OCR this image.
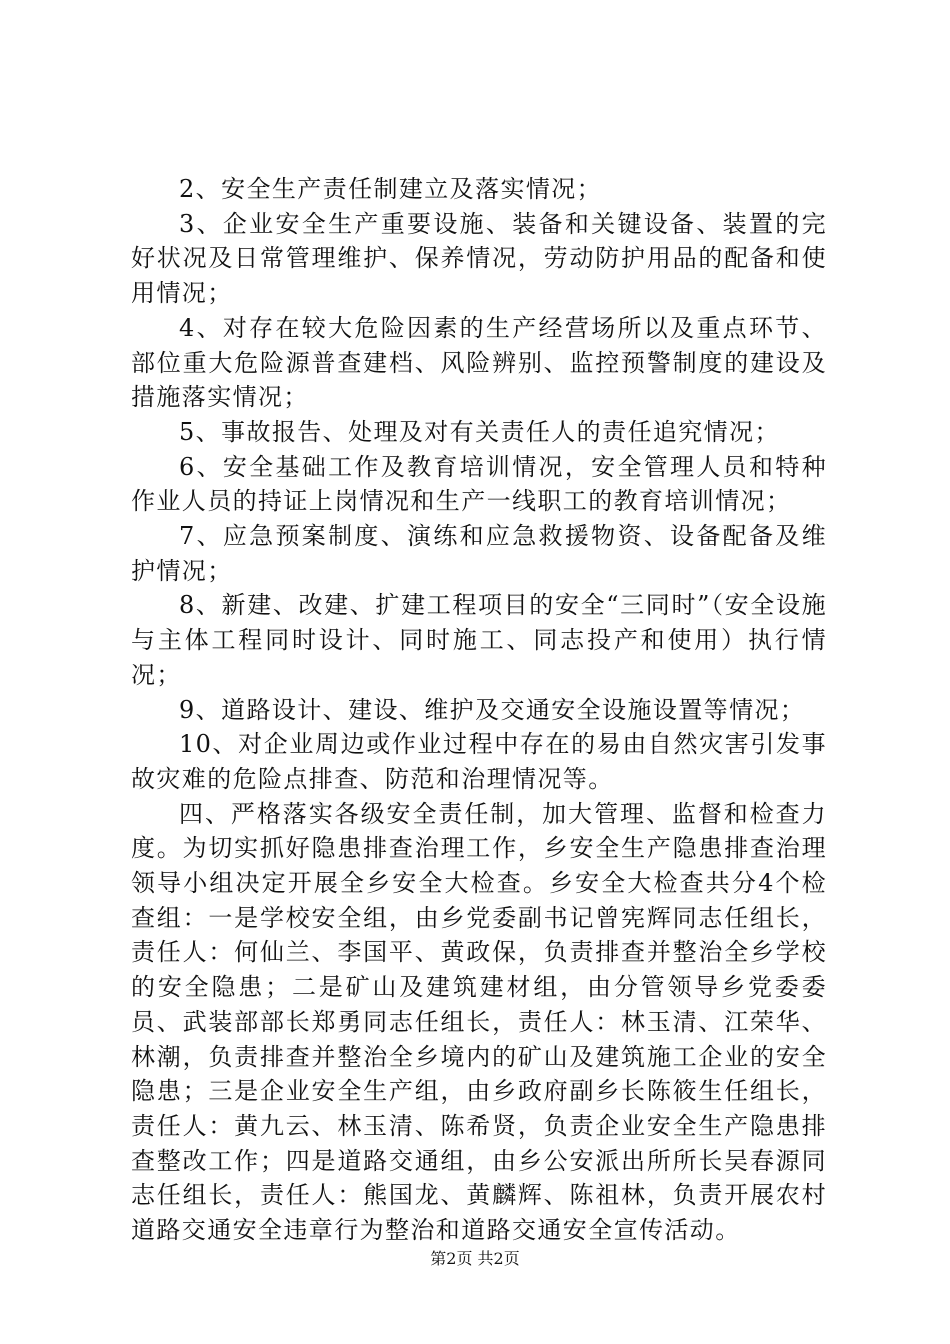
2、安全生产责任制建立及落实情况；

3、企业安全生产重要设施、装备和关键设备、装置的完好状况及日常管理维护、保养情况，劳动防护用品的配备和使用情况；

4、对存在较大危险因素的生产经营场所以及重点环节、部位重大危险源普查建档、风险辨别、监控预警制度的建设及措施落实情况；

5、事故报告、处理及对有关责任人的责任追究情况；

6、安全基础工作及教育培训情况，安全管理人员和特种作业人员的持证上岗情况和生产一线职工的教育培训情况；

7、应急预案制度、演练和应急救援物资、设备配备及维护情况；

8、新建、改建、扩建工程项目的安全“三同时”（安全设施与主体工程同时设计、同时施工、同志投产和使用）执行情况；

9、道路设计、建设、维护及交通安全设施设置等情况；

10、对企业周边或作业过程中存在的易由自然灾害引发事故灾难的危险点排查、防范和治理情况等。

四、严格落实各级安全责任制，加大管理、监督和检查力度。为切实抓好隐患排查治理工作，乡安全生产隐患排查治理领导小组决定开展全乡安全大检查。乡安全大检查共分4个检查组：一是学校安全组，由乡党委副书记曾宪辉同志任组长，责任人：何仙兰、李国平、黄政保，负责排查并整治全乡学校的安全隐患；二是矿山及建筑建材组，由分管领导乡党委委员、武装部部长郑勇同志任组长，责任人：林玉清、江荣华、林潮，负责排查并整治全乡境内的矿山及建筑施工企业的安全隐患；三是企业安全生产组，由乡政府副乡长陈筱生任组长，责任人：黄九云、林玉清、陈希贤，负责企业安全生产隐患排查整改工作；四是道路交通组，由乡公安派出所所长吴春源同志任组长，责任人：熊国龙、黄麟辉、陈祖林，负责开展农村道路交通安全违章行为整治和道路交通安全宣传活动。

第2页 共2页
